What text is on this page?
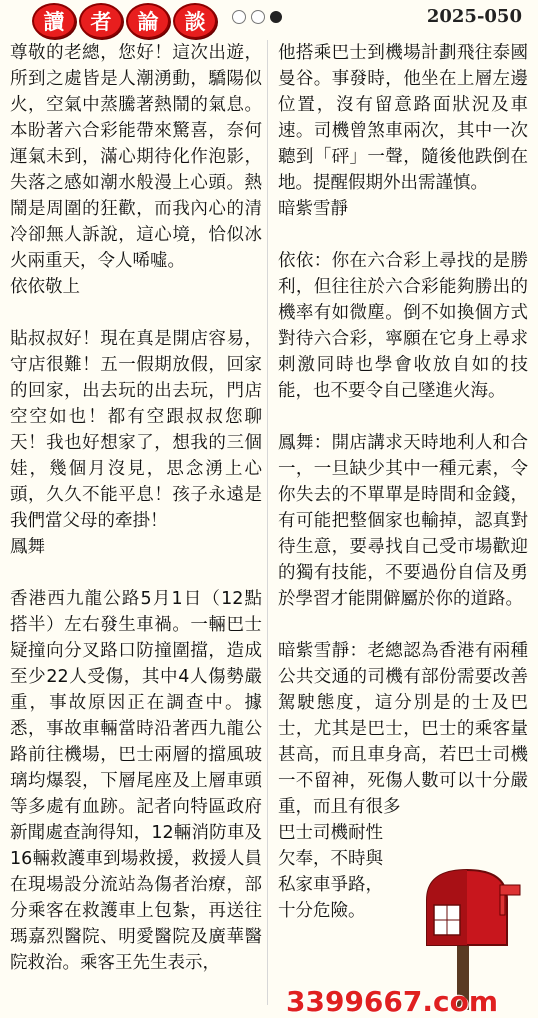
讀	者	論	談	2025-050

尊敬的老總，您好！這次出遊，所到之處皆是人潮湧動，驕陽似火，空氣中蒸騰著熱鬧的氣息。本盼著六合彩能帶來驚喜，奈何運氣未到，滿心期待化作泡影，失落之感如潮水般漫上心頭。熱鬧是周圍的狂歡，而我內心的清冷卻無人訴說，這心境，恰似冰火兩重天，令人唏噓。

依依敬上

貼叔叔好！現在真是開店容易，守店很難！五一假期放假，回家的回家，出去玩的出去玩，門店空空如也！都有空跟叔叔您聊天！我也好想家了，想我的三個娃，幾個月沒見，思念湧上心頭，久久不能平息！孩子永遠是我們當父母的牽掛！

鳳舞

香港西九龍公路5月1日（12點搭半）左右發生車禍。一輛巴士疑撞向分叉路口防撞圍擋，造成至少22人受傷，其中4人傷勢嚴重，事故原因正在調查中。據悉，事故車輛當時沿著西九龍公路前往機場，巴士兩層的擋風玻璃均爆裂，下層尾座及上層車頭等多處有血跡。記者向特區政府新聞處查詢得知，12輛消防車及16輛救護車到場救援，救援人員在現場設分流站為傷者治療，部分乘客在救護車上包紮，再送往瑪嘉烈醫院、明愛醫院及廣華醫院救治。乘客王先生表示，

他搭乘巴士到機場計劃飛往泰國曼谷。事發時，他坐在上層左邊位置，沒有留意路面狀況及車速。司機曾煞車兩次，其中一次聽到「砰」一聲，隨後他跌倒在地。提醒假期外出需謹慎。

暗紫雪靜

依依：你在六合彩上尋找的是勝利，但往往於六合彩能夠勝出的機率有如微塵。倒不如換個方式對待六合彩，寧願在它身上尋求刺激同時也學會收放自如的技能，也不要令自己墜進火海。

鳳舞：開店講求天時地利人和合一，一旦缺少其中一種元素，令你失去的不單單是時間和金錢，有可能把整個家也輸掉，認真對待生意，要尋找自己受市場歡迎的獨有技能，不要過份自信及勇於學習才能開僻屬於你的道路。

暗紫雪靜：老總認為香港有兩種公共交通的司機有部份需要改善駕駛態度，這分別是的士及巴士，尤其是巴士，巴士的乘客量甚高，而且車身高，若巴士司機一不留神，死傷人數可以十分嚴重，而且有很多

巴士司機耐性
欠奉，不時與
私家車爭路，
十分危險。
3399667.com
